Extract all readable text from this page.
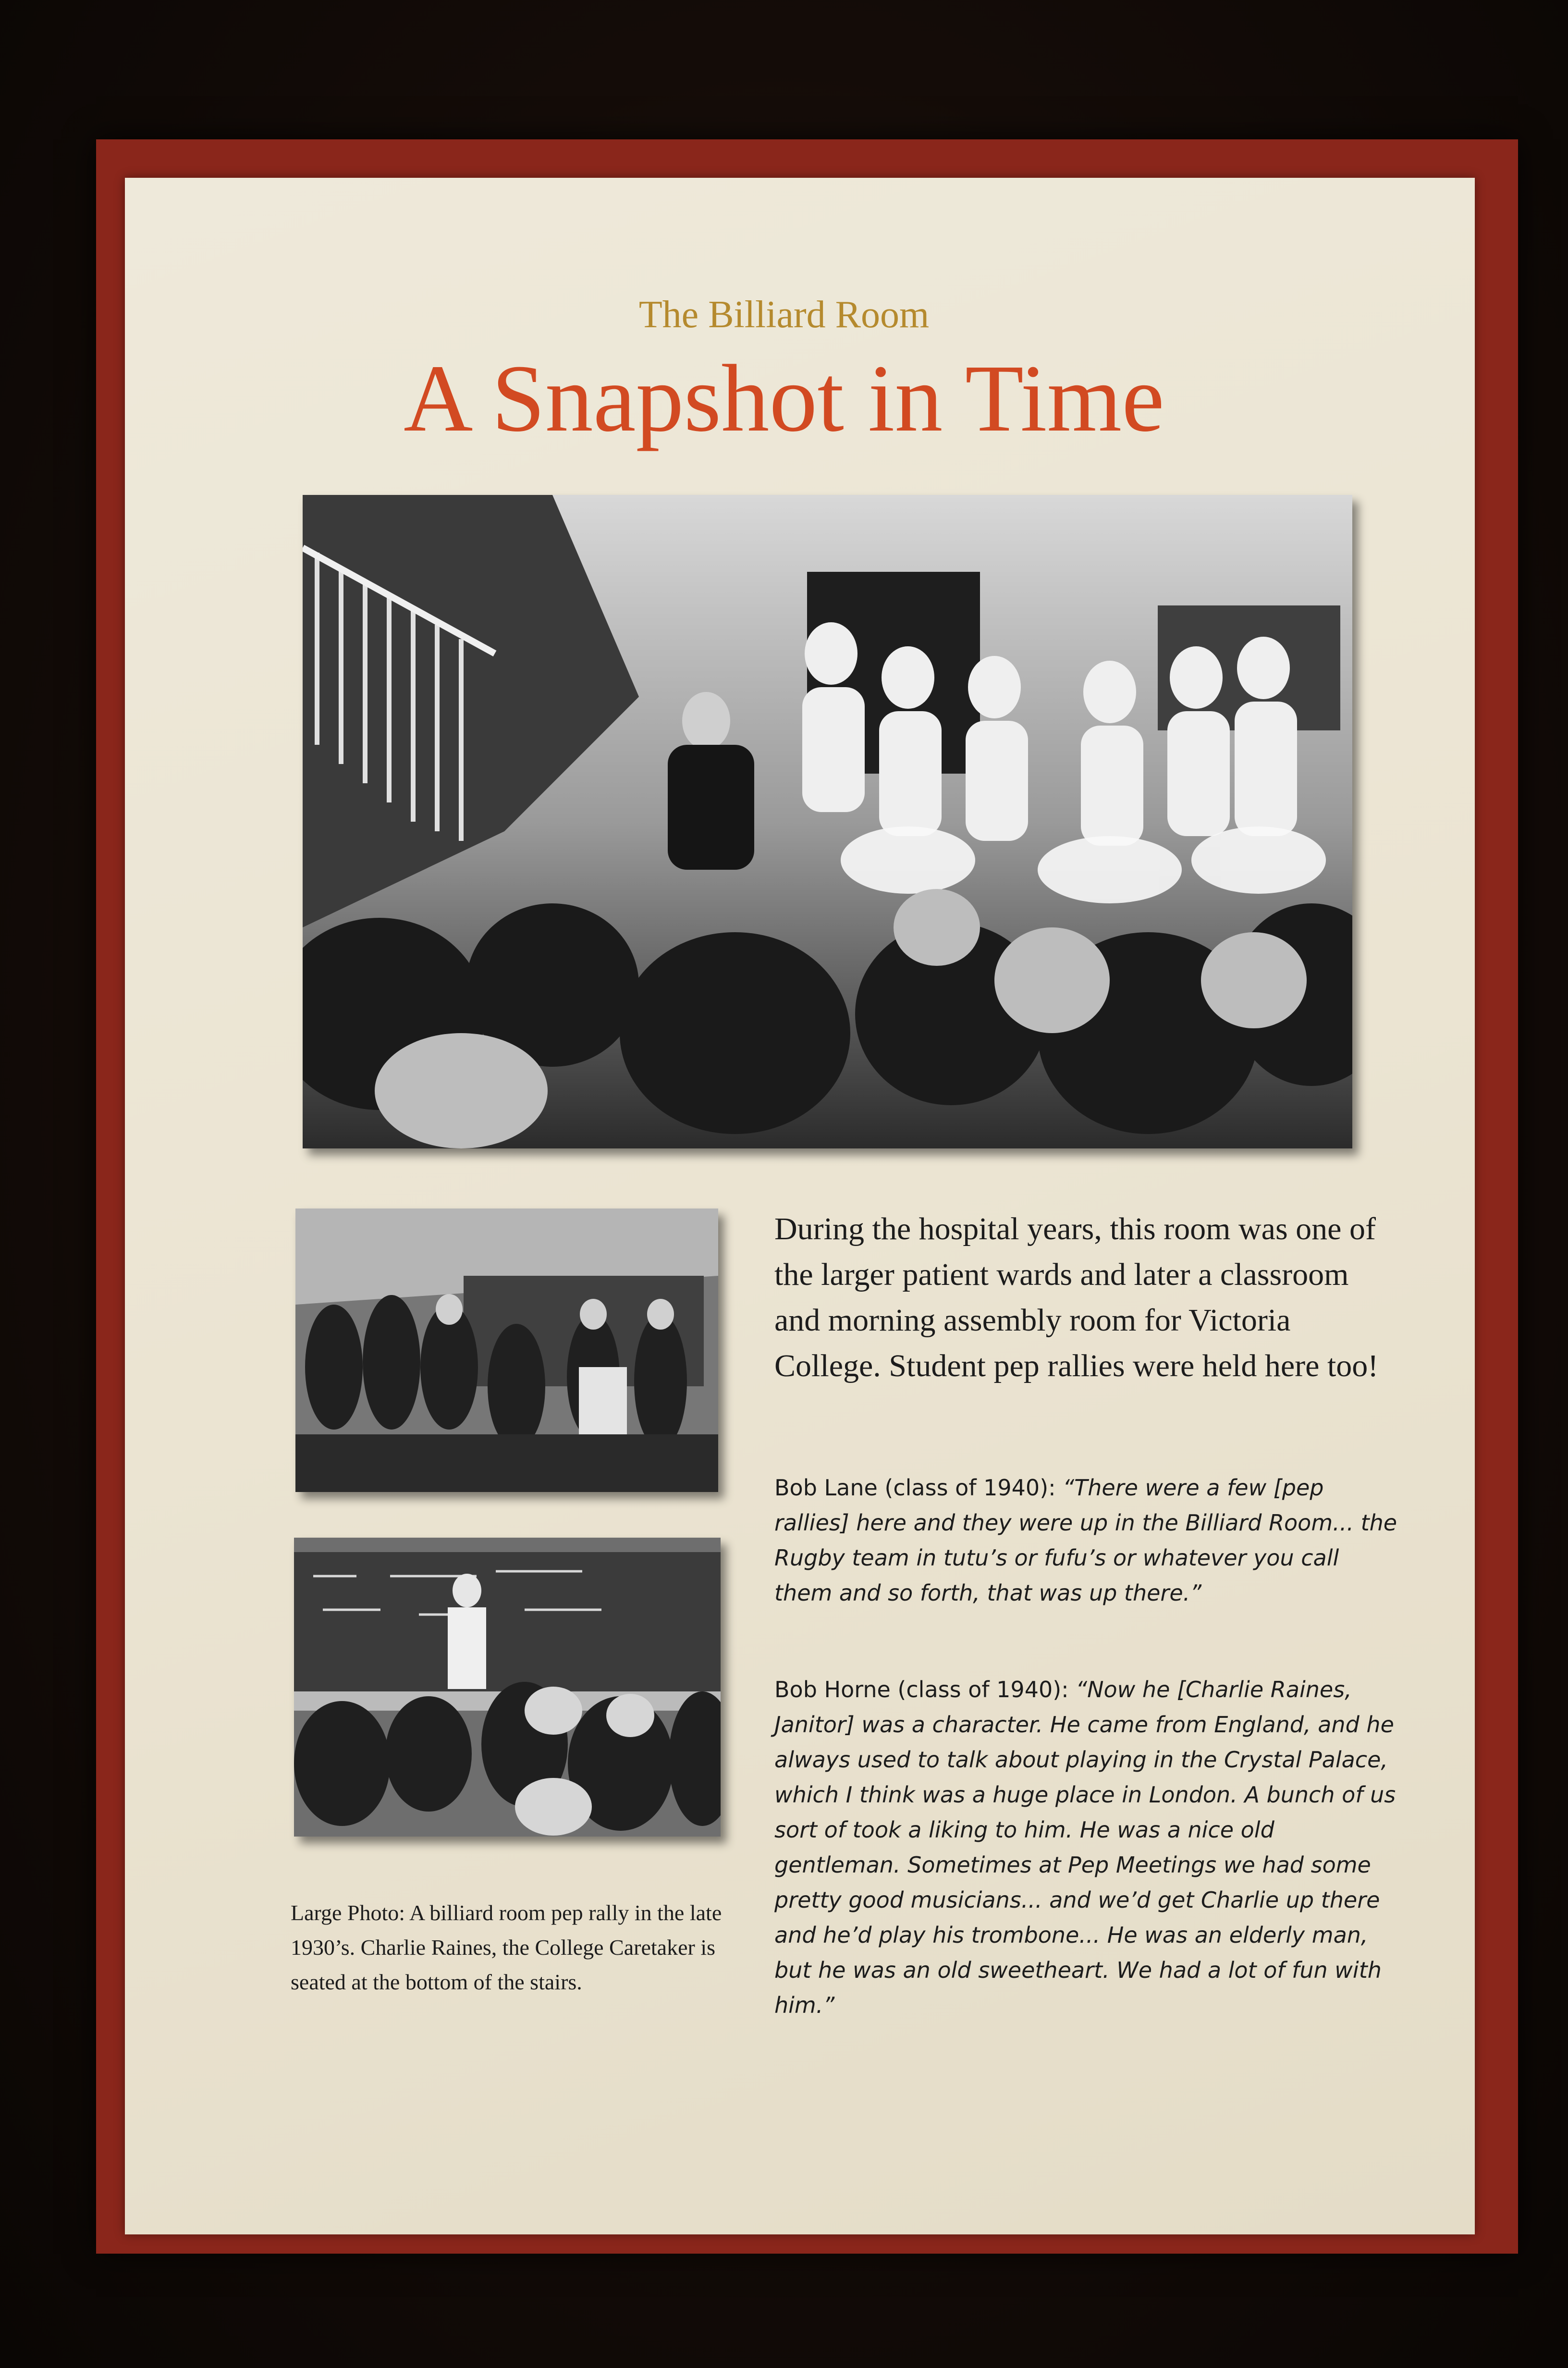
The Billiard Room
A Snapshot in Time
During the hospital years, this room was one of the larger patient wards and later a classroom and morning assembly room for Victoria College. Student pep rallies were held here too!
Bob Lane (class of 1940): “There were a few [pep rallies] here and they were up in the Billiard Room... the Rugby team in tutu’s or fufu’s or whatever you call them and so forth, that was up there.”
Bob Horne (class of 1940): “Now he [Charlie Raines, Janitor] was a character. He came from England, and he always used to talk about playing in the Crystal Palace, which I think was a huge place in London. A bunch of us sort of took a liking to him. He was a nice old gentleman. Sometimes at Pep Meetings we had some pretty good musicians... and we’d get Charlie up there and he’d play his trombone... He was an elderly man, but he was an old sweetheart. We had a lot of fun with him.”
Large Photo: A billiard room pep rally in the late 1930’s. Charlie Raines, the College Caretaker is seated at the bottom of the stairs.
